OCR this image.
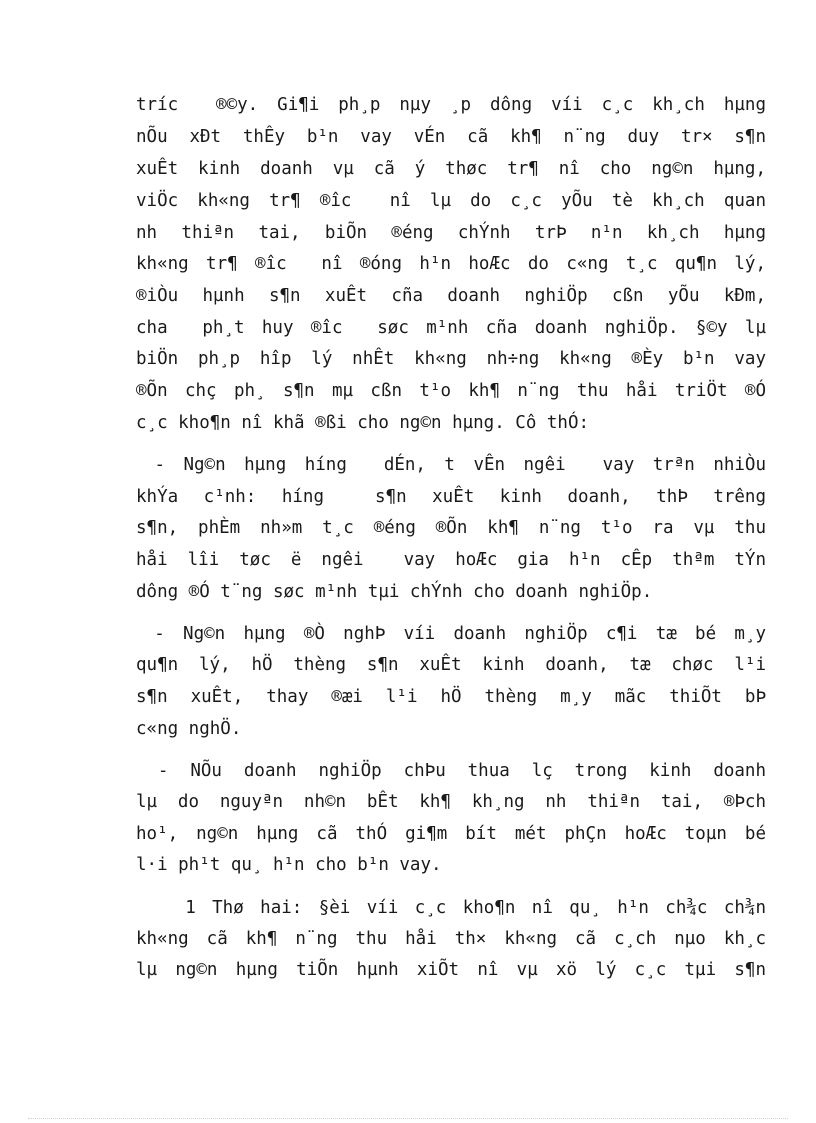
tríc  ®©y. Gi¶i ph¸p nµy ¸p dông víi c¸c kh¸ch hµng
nÕu xÐt thÊy b¹n vay vÉn cã kh¶ n¨ng duy tr× s¶n
xuÊt kinh doanh vµ cã ý thøc tr¶ nî cho ng©n hµng,
viÖc kh«ng tr¶ ®îc  nî lµ do c¸c yÕu tè kh¸ch quan
nh thiªn tai, biÕn ®éng chÝnh trÞ n¹n kh¸ch hµng
kh«ng tr¶ ®îc  nî ®óng h¹n hoÆc do c«ng t¸c qu¶n lý,
®iÒu hµnh s¶n xuÊt cña doanh nghiÖp cßn yÕu kÐm,
cha  ph¸t huy ®îc  søc m¹nh cña doanh nghiÖp. §©y lµ
biÖn ph¸p hîp lý nhÊt kh«ng nh÷ng kh«ng ®Èy b¹n vay
®Õn chç ph¸ s¶n mµ cßn t¹o kh¶ n¨ng thu håi triÖt ®Ó
c¸c kho¶n nî khã ®ßi cho ng©n hµng. Cô thÓ:
- Ng©n hµng híng  dÉn, t vÊn ngêi  vay trªn nhiÒu
khÝa c¹nh: híng  s¶n xuÊt kinh doanh, thÞ trêng
s¶n, phÈm nh»m t¸c ®éng ®Õn kh¶ n¨ng t¹o ra vµ thu
håi lîi tøc ë ngêi  vay hoÆc gia h¹n cÊp thªm tÝn
dông ®Ó t¨ng søc m¹nh tµi chÝnh cho doanh nghiÖp.
- Ng©n hµng ®Ò nghÞ víi doanh nghiÖp c¶i tæ bé m¸y
qu¶n lý, hÖ thèng s¶n xuÊt kinh doanh, tæ chøc l¹i
s¶n xuÊt, thay ®æi l¹i hÖ thèng m¸y mãc thiÕt bÞ
c«ng nghÖ.
- NÕu doanh nghiÖp chÞu thua lç trong kinh doanh
lµ do nguyªn nh©n bÊt kh¶ kh¸ng nh thiªn tai, ®Þch
ho¹, ng©n hµng cã thÓ gi¶m bít mét phÇn hoÆc toµn bé
l·i ph¹t qu¸ h¹n cho b¹n vay.
1 Thø hai: §èi víi c¸c kho¶n nî qu¸ h¹n ch¾c ch¾n
kh«ng cã kh¶ n¨ng thu håi th× kh«ng cã c¸ch nµo kh¸c
lµ ng©n hµng tiÕn hµnh xiÕt nî vµ xö lý c¸c tµi s¶n
